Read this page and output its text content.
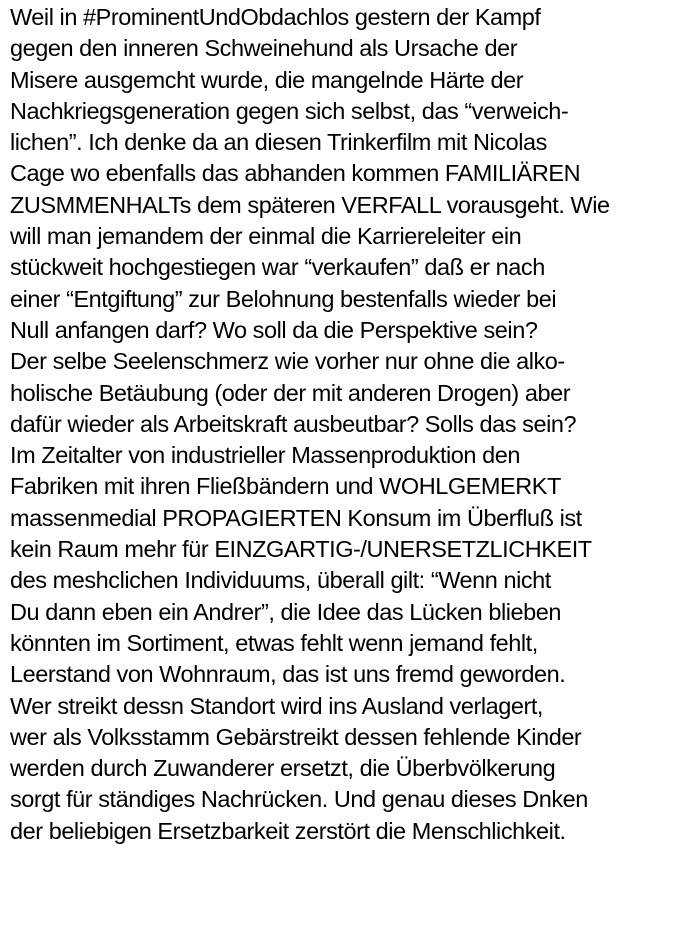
Weil in #ProminentUndObdachlos gestern der Kampf
gegen den inneren Schweinehund als Ursache der
Misere ausgemcht wurde, die mangelnde Härte der
Nachkriegsgeneration gegen sich selbst, das “verweich-
lichen”. Ich denke da an diesen Trinkerfilm mit Nicolas
Cage wo ebenfalls das abhanden kommen FAMILIÄREN
ZUSMMENHALTs dem späteren VERFALL vorausgeht. Wie
will man jemandem der einmal die Karriereleiter ein
stückweit hochgestiegen war “verkaufen” daß er nach
einer “Entgiftung” zur Belohnung bestenfalls wieder bei
Null anfangen darf? Wo soll da die Perspektive sein?
Der selbe Seelenschmerz wie vorher nur ohne die alko-
holische Betäubung (oder der mit anderen Drogen) aber
dafür wieder als Arbeitskraft ausbeutbar? Solls das sein?
Im Zeitalter von industrieller Massenproduktion den
Fabriken mit ihren Fließbändern und WOHLGEMERKT
massenmedial PROPAGIERTEN Konsum im Überfluß ist
kein Raum mehr für EINZGARTIG-/UNERSETZLICHKEIT
des meshclichen Individuums, überall gilt: “Wenn nicht
Du dann eben ein Andrer”, die Idee das Lücken blieben
könnten im Sortiment, etwas fehlt wenn jemand fehlt,
Leerstand von Wohnraum, das ist uns fremd geworden.
Wer streikt dessn Standort wird ins Ausland verlagert,
wer als Volksstamm Gebärstreikt dessen fehlende Kinder
werden durch Zuwanderer ersetzt, die Überbvölkerung
sorgt für ständiges Nachrücken. Und genau dieses Dnken
der beliebigen Ersetzbarkeit zerstört die Menschlichkeit.
